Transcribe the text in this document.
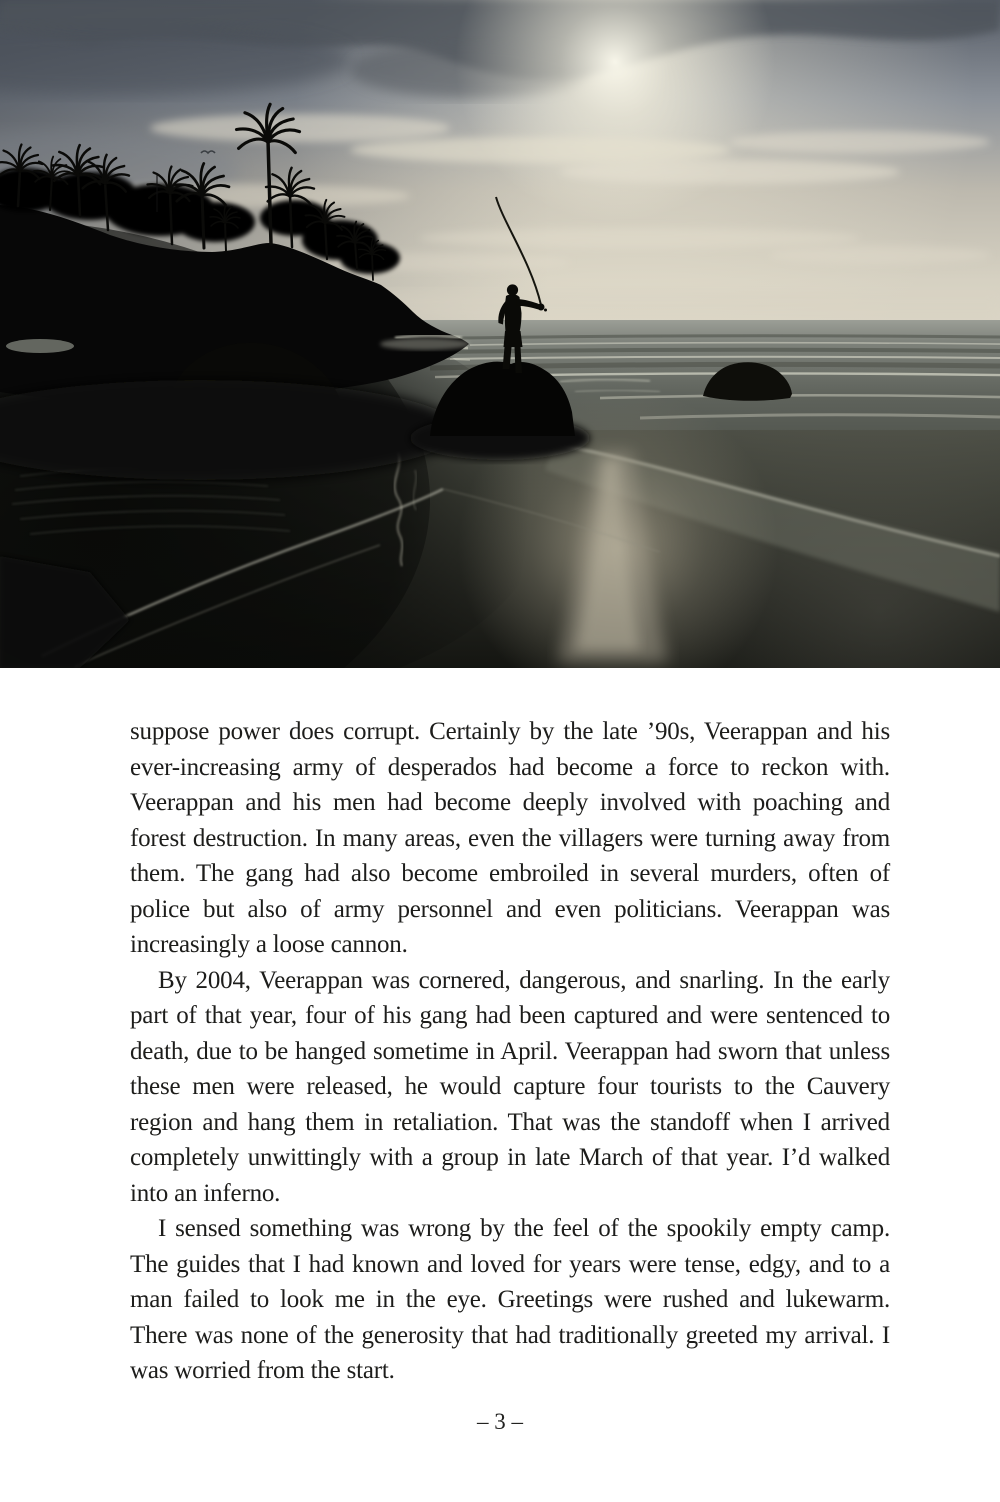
suppose power does corrupt. Certainly by the late ’90s, Veerappan and his ever-increasing army of desperados had become a force to reckon with. Veerappan and his men had become deeply involved with poaching and forest destruction. In many areas, even the villagers were turning away from them. The gang had also become embroiled in several murders, often of police but also of army personnel and even politicians. Veerappan was increasingly a loose cannon.

By 2004, Veerappan was cornered, dangerous, and snarling. In the early part of that year, four of his gang had been captured and were sentenced to death, due to be hanged sometime in April. Veerappan had sworn that unless these men were released, he would capture four tourists to the Cauvery region and hang them in retaliation. That was the standoff when I arrived completely unwittingly with a group in late March of that year. I’d walked into an inferno.

I sensed something was wrong by the feel of the spookily empty camp. The guides that I had known and loved for years were tense, edgy, and to a man failed to look me in the eye. Greetings were rushed and lukewarm. There was none of the generosity that had traditionally greeted my arrival. I was worried from the start.

– 3 –
